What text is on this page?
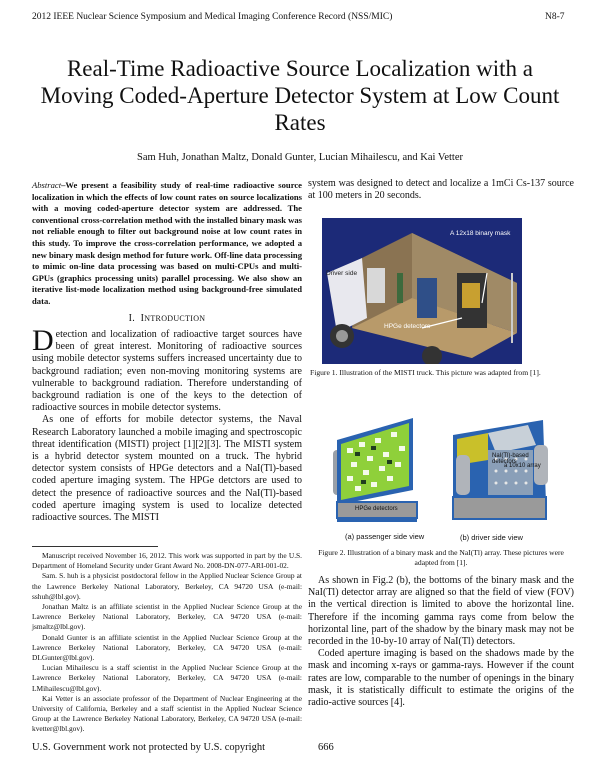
2012 IEEE Nuclear Science Symposium and Medical Imaging Conference Record (NSS/MIC)	N8-7
Real-Time Radioactive Source Localization with a Moving Coded-Aperture Detector System at Low Count Rates
Sam Huh, Jonathan Maltz, Donald Gunter, Lucian Mihailescu, and Kai Vetter
Abstract–We present a feasibility study of real-time radioactive source localization in which the effects of low count rates on source localizations with a moving coded-aperture detector system are addressed. The conventional cross-correlation method with the installed binary mask was not reliable enough to filter out background noise at low count rates in this study. To improve the cross-correlation performance, we adopted a new binary mask design method for future work. Off-line data processing to mimic on-line data processing was based on multi-CPUs and multi-GPUs (graphics processing units) parallel processing. We also show an iterative list-mode localization method using background-free simulated data.
I. INTRODUCTION

Detection and localization of radioactive target sources have been of great interest. Monitoring of radioactive sources using mobile detector systems suffers increased uncertainty due to background radiation; even non-moving monitoring systems are vulnerable to background radiation. Therefore understanding of background radiation is one of the keys to the detection of radioactive sources in mobile detector systems.

As one of efforts for mobile detector systems, the Naval Research Laboratory launched a mobile imaging and spectroscopic threat identification (MISTI) project [1][2][3]. The MISTI system is a hybrid detector system mounted on a truck. The hybrid detector system consists of HPGe detectors and a NaI(Tl)-based coded aperture imaging system. The HPGe detctors are used to detect the presence of radioactive sources and the NaI(Tl)-based coded aperture imaging system is used to localize detected radioactive sources. The MISTI

Manuscript received November 16, 2012. This work was supported in part by the U.S. Department of Homeland Security under Grant Award No. 2008-DN-077-ARI-001-02.

Sam. S. huh is a physicist postdoctoral fellow in the Applied Nuclear Science Group at the Lawrence Berkeley National Laboratory, Berkeley, CA 94720 USA (e-mail: sshuh@lbl.gov).

Jonathan Maltz is an affiliate scientist in the Applied Nuclear Science Group at the Lawrence Berkeley National Laboratory, Berkeley, CA 94720 USA (e-mail: jsmaltz@lbl.gov).

Donald Gunter is an affiliate scientist in the Applied Nuclear Science Group at the Lawrence Berkeley National Laboratory, Berkeley, CA 94720 USA (e-mail: DLGunter@lbl.gov).

Lucian Mihailescu is a staff scientist in the Applied Nuclear Science Group at the Lawrence Berkeley National Laboratory, Berkeley, CA 94720 USA (e-mail: LMihailescu@lbl.gov).

Kai Vetter is an associate professor of the Department of Nuclear Engineering at the University of California, Berkeley and a staff scientist in the Applied Nuclear Science Group at the Lawrence Berkeley National Laboratory, Berkeley, CA 94720 USA (e-mail: kvetter@lbl.gov).

system was designed to detect and localize a 1mCi Cs-137 source at 100 meters in 20 seconds.
A 12x18 binary mask
Driver side
HPGe detectors
Figure 1. Illustration of the MISTI truck. This picture was adapted from [1].
HPGe detectors
NaI(Tl)-based detectors
a 10x10 array
(a) passenger side view	(b) driver side view
Figure 2. Illustration of a binary mask and the NaI(Tl) array. These pictures were adapted from [1].

As shown in Fig.2 (b), the bottoms of the binary mask and the NaI(Tl) detector array are aligned so that the field of view (FOV) in the vertical direction is limited to above the horizontal line. Therefore if the incoming gamma rays come from below the horizontal line, part of the shadow by the binary mask may not be recorded in the 10-by-10 array of NaI(Tl) detectors.

Coded aperture imaging is based on the shadows made by the mask and incoming x-rays or gamma-rays. However if the count rates are low, comparable to the number of openings in the binary mask, it is statistically difficult to estimate the origins of the radio-active sources [4].

U.S. Government work not protected by U.S. copyright	666
